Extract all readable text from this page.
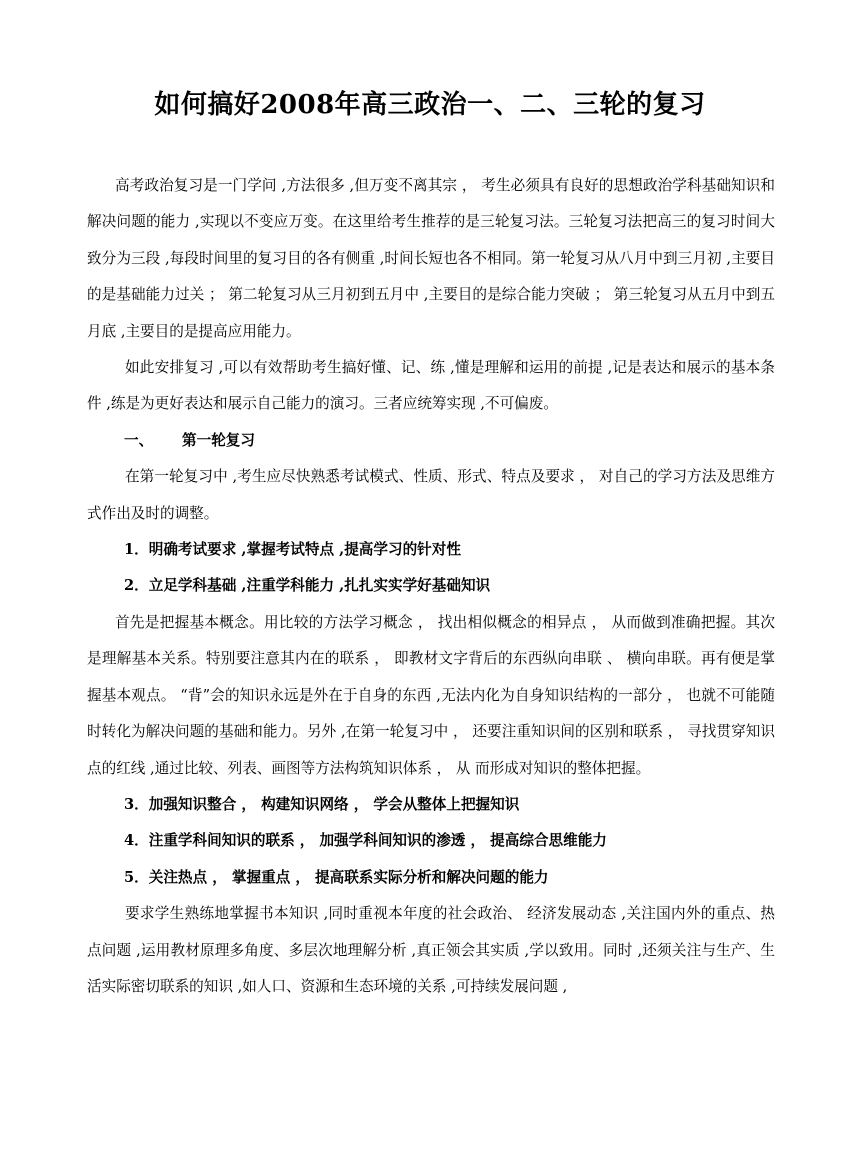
如何搞好2008年高三政治一、二、三轮的复习

高考政治复习是一门学问 ,方法很多 ,但万变不离其宗 ， 考生必须具有良好的思想政治学科基础知识和解决问题的能力 ,实现以不变应万变。在这里给考生推荐的是三轮复习法。三轮复习法把高三的复习时间大致分为三段 ,每段时间里的复习目的各有侧重 ,时间长短也各不相同。第一轮复习从八月中到三月初 ,主要目的是基础能力过关 ； 第二轮复习从三月初到五月中 ,主要目的是综合能力突破 ； 第三轮复习从五月中到五月底 ,主要目的是提高应用能力。

如此安排复习 ,可以有效帮助考生搞好懂、记、练 ,懂是理解和运用的前提 ,记是表达和展示的基本条件 ,练是为更好表达和展示自己能力的演习。三者应统筹实现 ,不可偏废。

一、 第一轮复习

在第一轮复习中 ,考生应尽快熟悉考试模式、性质、形式、特点及要求 ， 对自己的学习方法及思维方式作出及时的调整。

1．明确考试要求 ,掌握考试特点 ,提高学习的针对性

2．立足学科基础 ,注重学科能力 ,扎扎实实学好基础知识

首先是把握基本概念。用比较的方法学习概念 ， 找出相似概念的相异点 ， 从而做到准确把握。其次是理解基本关系。特别要注意其内在的联系 ， 即教材文字背后的东西纵向串联 、 横向串联。再有便是掌握基本观点。 “背”会的知识永远是外在于自身的东西 ,无法内化为自身知识结构的一部分 ， 也就不可能随时转化为解决问题的基础和能力。另外 ,在第一轮复习中 ， 还要注重知识间的区别和联系 ， 寻找贯穿知识点的红线 ,通过比较、列表、画图等方法构筑知识体系 ， 从 而形成对知识的整体把握。

3．加强知识整合 ， 构建知识网络 ， 学会从整体上把握知识

4．注重学科间知识的联系 ， 加强学科间知识的渗透 ， 提高综合思维能力

5．关注热点 ， 掌握重点 ， 提高联系实际分析和解决问题的能力

要求学生熟练地掌握书本知识 ,同时重视本年度的社会政治、 经济发展动态 ,关注国内外的重点、热点问题 ,运用教材原理多角度、多层次地理解分析 ,真正领会其实质 ,学以致用。同时 ,还须关注与生产、生活实际密切联系的知识 ,如人口、资源和生态环境的关系 ,可持续发展问题 ,
